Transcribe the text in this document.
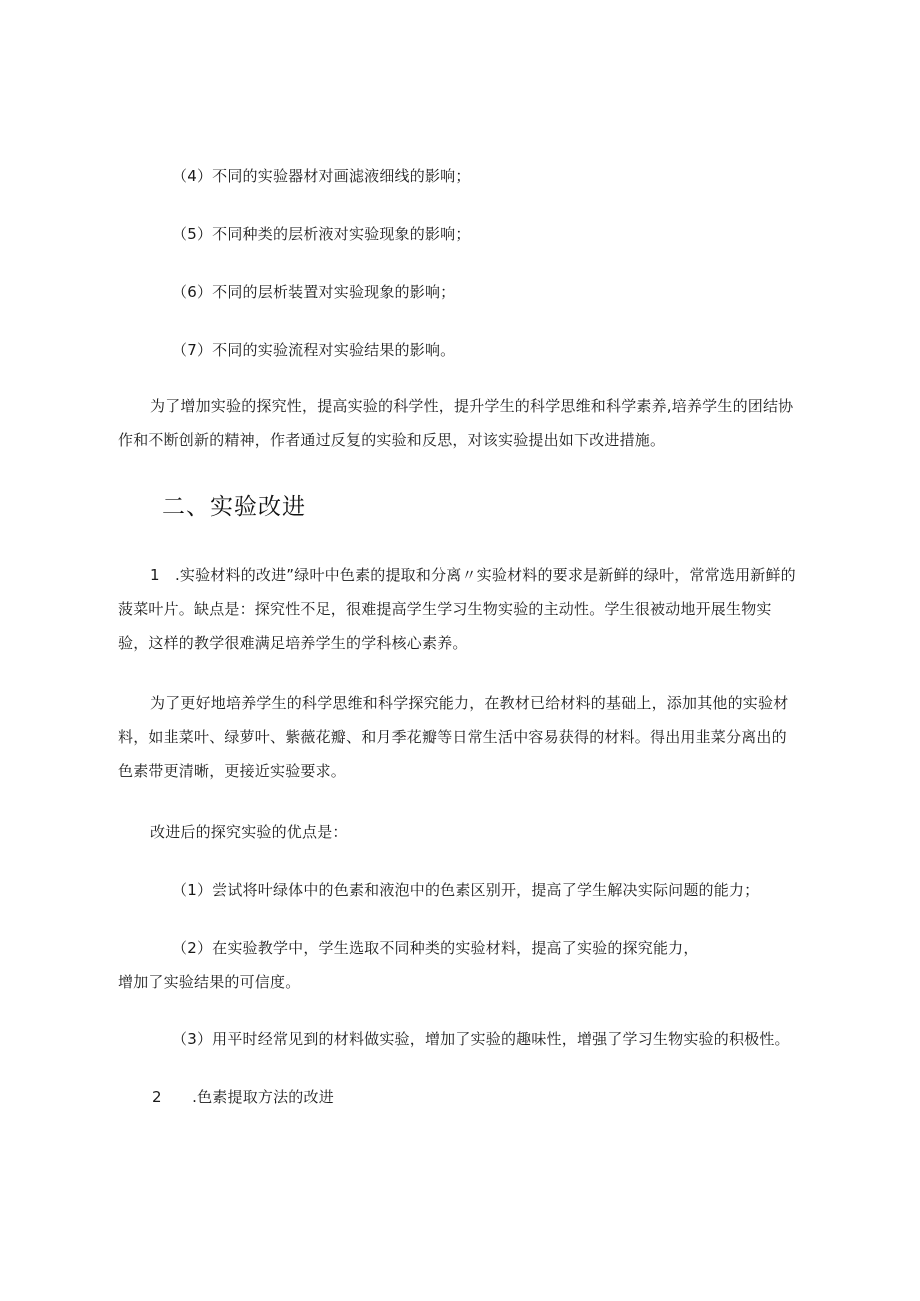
（4）不同的实验器材对画滤液细线的影响；
（5）不同种类的层析液对实验现象的影响；
（6）不同的层析装置对实验现象的影响；
（7）不同的实验流程对实验结果的影响。
为了增加实验的探究性，提高实验的科学性，提升学生的科学思维和科学素养,培养学生的团结协
作和不断创新的精神，作者通过反复的实验和反思，对该实验提出如下改进措施。
二、实验改进
1　.实验材料的改进”绿叶中色素的提取和分离〃实验材料的要求是新鲜的绿叶，常常选用新鲜的
菠菜叶片。缺点是：探究性不足，很难提高学生学习生物实验的主动性。学生很被动地开展生物实
验，这样的教学很难满足培养学生的学科核心素养。
为了更好地培养学生的科学思维和科学探究能力，在教材已给材料的基础上，添加其他的实验材
料，如韭菜叶、绿萝叶、紫薇花瓣、和月季花瓣等日常生活中容易获得的材料。得出用韭菜分离出的
色素带更清晰，更接近实验要求。
改进后的探究实验的优点是：
（1）尝试将叶绿体中的色素和液泡中的色素区别开，提高了学生解决实际问题的能力；
（2）在实验教学中，学生选取不同种类的实验材料，提高了实验的探究能力，
增加了实验结果的可信度。
（3）用平时经常见到的材料做实验，增加了实验的趣味性，增强了学习生物实验的积极性。
2　　.色素提取方法的改进
